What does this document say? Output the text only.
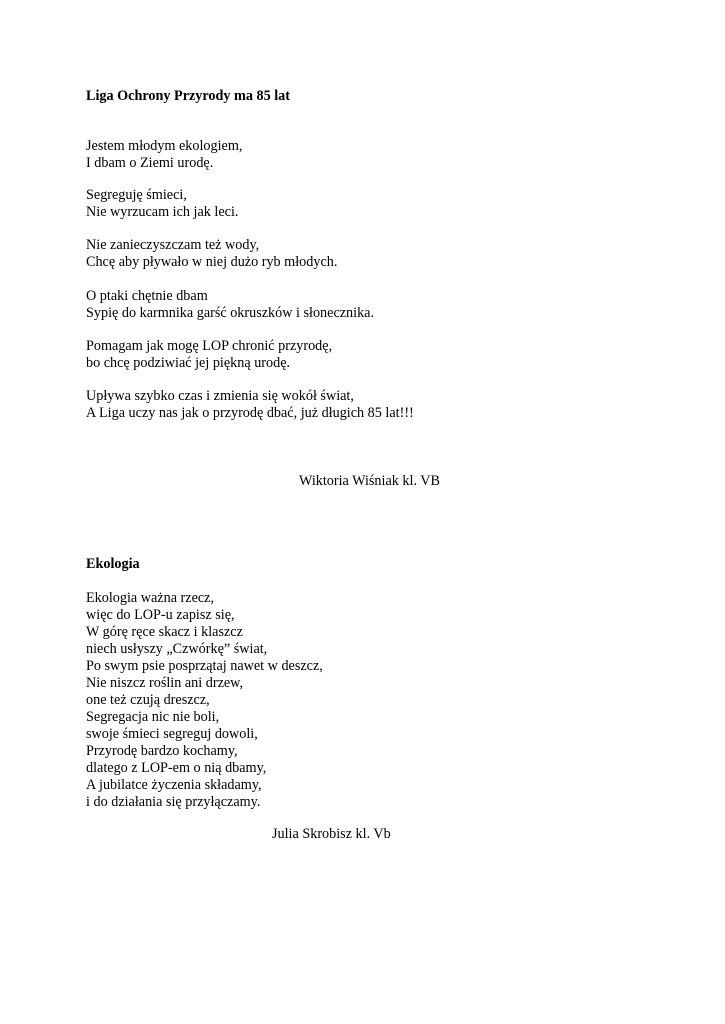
Liga Ochrony Przyrody ma 85 lat
Jestem młodym ekologiem,
I dbam o Ziemi urodę.
Segreguję śmieci,
Nie wyrzucam ich jak leci.
Nie zanieczyszczam też wody,
Chcę aby pływało w niej dużo ryb młodych.
O ptaki chętnie dbam
Sypię do karmnika garść okruszków i słonecznika.
Pomagam jak mogę LOP chronić przyrodę,
bo chcę podziwiać jej piękną urodę.
Upływa szybko czas i zmienia się wokół świat,
A Liga uczy nas jak o przyrodę dbać, już długich 85 lat!!!
Wiktoria Wiśniak kl. VB
Ekologia
Ekologia ważna rzecz,
więc do LOP-u zapisz się,
W górę ręce skacz i klaszcz
niech usłyszy „Czwórkę” świat,
Po swym psie posprzątaj nawet w deszcz,
Nie niszcz roślin ani drzew,
one też czują dreszcz,
Segregacja nic nie boli,
swoje śmieci segreguj dowoli,
Przyrodę bardzo kochamy,
dlatego z LOP-em o nią dbamy,
A jubilatce życzenia składamy,
i do działania się przyłączamy.
Julia Skrobisz kl. Vb
